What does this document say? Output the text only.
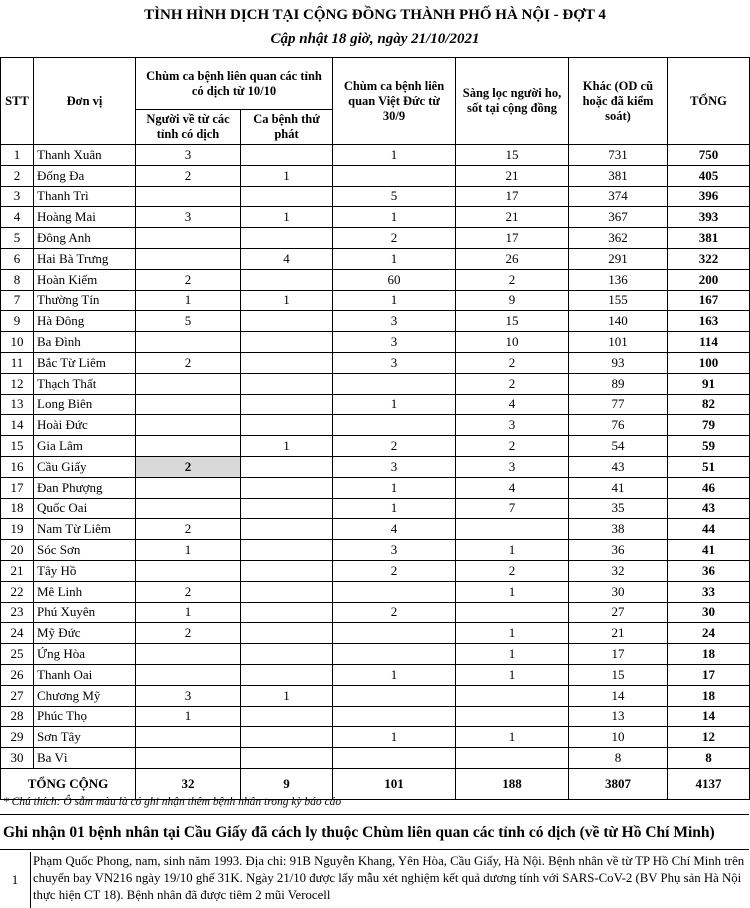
TÌNH HÌNH DỊCH TẠI CỘNG ĐỒNG THÀNH PHỐ HÀ NỘI - ĐỢT 4
Cập nhật 18 giờ, ngày 21/10/2021
STT	Đơn vị	Chùm ca bệnh liên quan các tỉnh có dịch từ 10/10		Chùm ca bệnh liên quan Việt Đức từ 30/9	Sàng lọc người ho, sốt tại cộng đồng	Khác (OD cũ hoặc đã kiểm soát)	TỔNG
		Người về từ các tỉnh có dịch	Ca bệnh thứ phát				
1	Thanh Xuân	3		1	15	731	750
2	Đống Đa	2	1		21	381	405
3	Thanh Trì			5	17	374	396
4	Hoàng Mai	3	1	1	21	367	393
5	Đông Anh			2	17	362	381
6	Hai Bà Trưng		4	1	26	291	322
8	Hoàn Kiếm	2		60	2	136	200
7	Thường Tín	1	1	1	9	155	167
9	Hà Đông	5		3	15	140	163
10	Ba Đình			3	10	101	114
11	Bắc Từ Liêm	2		3	2	93	100
12	Thạch Thất				2	89	91
13	Long Biên			1	4	77	82
14	Hoài Đức				3	76	79
15	Gia Lâm		1	2	2	54	59
16	Cầu Giấy	2		3	3	43	51
17	Đan Phượng			1	4	41	46
18	Quốc Oai			1	7	35	43
19	Nam Từ Liêm	2		4		38	44
20	Sóc Sơn	1		3	1	36	41
21	Tây Hồ			2	2	32	36
22	Mê Linh	2			1	30	33
23	Phú Xuyên	1		2		27	30
24	Mỹ Đức	2			1	21	24
25	Ứng Hòa				1	17	18
26	Thanh Oai			1	1	15	17
27	Chương Mỹ	3	1			14	18
28	Phúc Thọ	1				13	14
29	Sơn Tây			1	1	10	12
30	Ba Vì					8	8
TỔNG CỘNG		32	9	101	188	3807	4137
* Chú thích: Ô sẫm màu là có ghi nhận thêm bệnh nhân trong kỳ báo cáo
Ghi nhận 01 bệnh nhân tại Cầu Giấy đã cách ly thuộc Chùm liên quan các tỉnh có dịch (về từ Hồ Chí Minh)
1
Phạm Quốc Phong, nam, sinh năm 1993. Địa chỉ: 91B Nguyễn Khang, Yên Hòa, Cầu Giấy, Hà Nội. Bệnh nhân về từ TP Hồ Chí Minh trên chuyến bay VN216 ngày 19/10 ghế 31K. Ngày 21/10 được lấy mẫu xét nghiệm kết quả dương tính với SARS-CoV-2 (BV Phụ sản Hà Nội thực hiện CT 18). Bệnh nhân đã được tiêm 2 mũi Verocell
